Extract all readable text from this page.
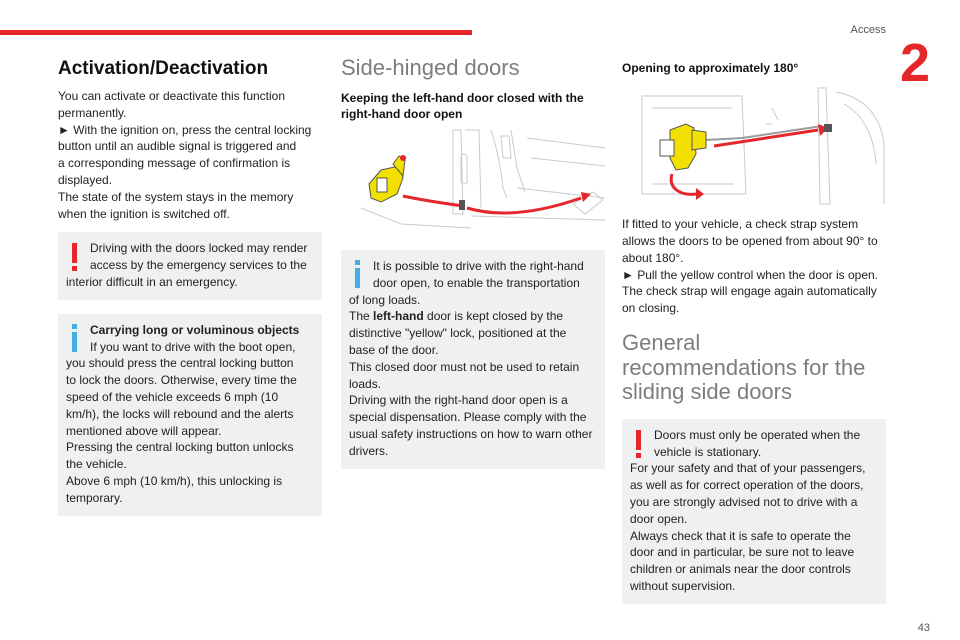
Access
2
Activation/Deactivation
You can activate or deactivate this function
permanently.
► With the ignition on, press the central locking
button until an audible signal is triggered and
a corresponding message of confirmation is
displayed.
The state of the system stays in the memory
when the ignition is switched off.
Driving with the doors locked may render
access by the emergency services to the
interior difficult in an emergency.
Carrying long or voluminous objects
If you want to drive with the boot open,
you should press the central locking button
to lock the doors. Otherwise, every time the
speed of the vehicle exceeds 6 mph (10
km/h), the locks will rebound and the alerts
mentioned above will appear.
Pressing the central locking button unlocks
the vehicle.
Above 6 mph (10 km/h), this unlocking is
temporary.
Side-hinged doors
Keeping the left-hand door closed with the
right-hand door open
It is possible to drive with the right-hand
door open, to enable the transportation
of long loads.
The left-hand door is kept closed by the
distinctive "yellow" lock, positioned at the
base of the door.
This closed door must not be used to retain
loads.
Driving with the right-hand door open is a
special dispensation. Please comply with the
usual safety instructions on how to warn other
drivers.
Opening to approximately 180°
If fitted to your vehicle, a check strap system
allows the doors to be opened from about 90° to
about 180°.
► Pull the yellow control when the door is open.
The check strap will engage again automatically
on closing.
General
recommendations for the
sliding side doors
Doors must only be operated when the
vehicle is stationary.
For your safety and that of your passengers,
as well as for correct operation of the doors,
you are strongly advised not to drive with a
door open.
Always check that it is safe to operate the
door and in particular, be sure not to leave
children or animals near the door controls
without supervision.
43
